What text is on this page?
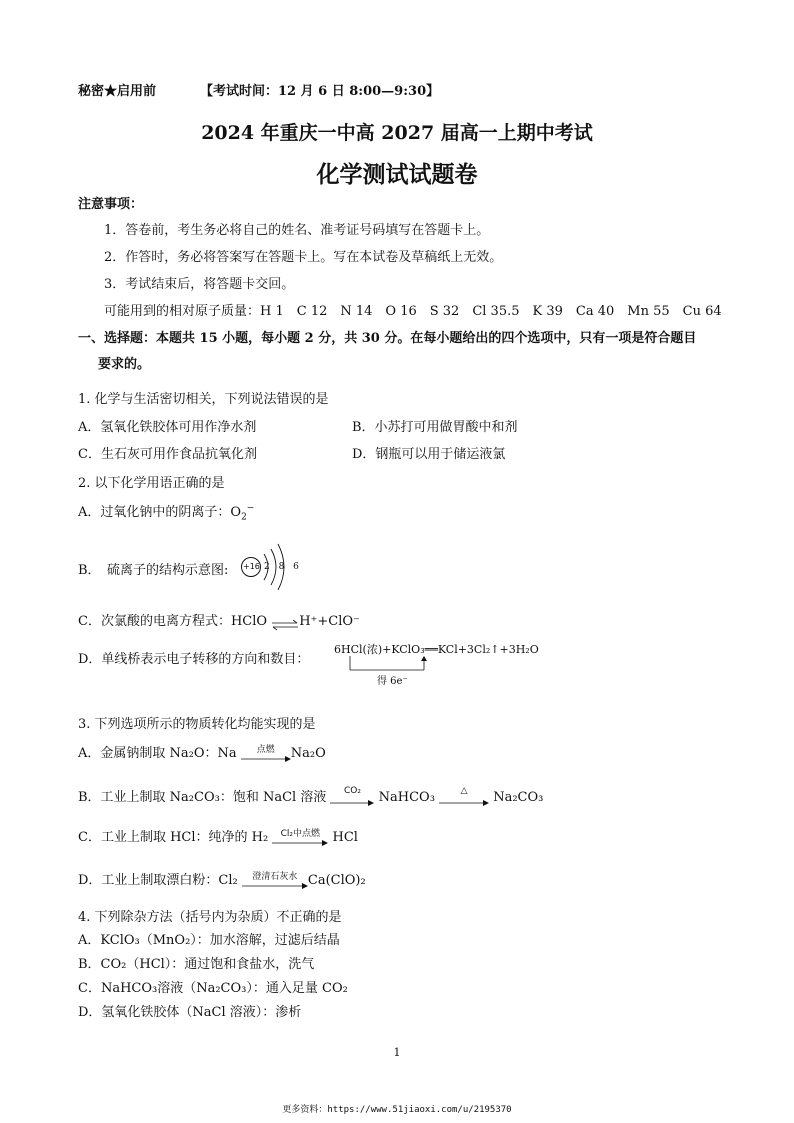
秘密★启用前	【考试时间：12 月 6 日 8:00—9:30】
2024 年重庆一中高 2027 届高一上期中考试
化学测试试题卷
注意事项：
1．答卷前，考生务必将自己的姓名、准考证号码填写在答题卡上。
2．作答时，务必将答案写在答题卡上。写在本试卷及草稿纸上无效。
3．考试结束后，将答题卡交回。
可能用到的相对原子质量：H 1　C 12　N 14　O 16　S 32　Cl 35.5　K 39　Ca 40　Mn 55　Cu 64
一、选择题：本题共 15 小题，每小题 2 分，共 30 分。在每小题给出的四个选项中，只有一项是符合题目
要求的。
1. 化学与生活密切相关，下列说法错误的是
A．氢氧化铁胶体可用作净水剂	B．小苏打可用做胃酸中和剂
C．生石灰可用作食品抗氧化剂	D．钢瓶可以用于储运液氯
2. 以下化学用语正确的是
A．过氧化钠中的阴离子：$O_2^-$
B．　硫离子的结构示意图: +16 2 8 6
C．次氯酸的电离方程式：HClO ⇌H⁺+ClO⁻
D．单线桥表示电子转移的方向和数目：
6HCl(浓)+KClO₃══KCl+3Cl₂↑+3H₂O
得 6e⁻
3. 下列选项所示的物质转化均能实现的是
A．金属钠制取 Na₂O：Na	点燃	Na₂O
B．工业上制取 Na₂CO₃：饱和 NaCl 溶液	CO₂	NaHCO₃	△	Na₂CO₃
C．工业上制取 HCl：纯净的 H₂	Cl₂中点燃 HCl
D．工业上制取漂白粉：Cl₂	澄清石灰水 Ca(ClO)₂
4. 下列除杂方法（括号内为杂质）不正确的是
A．KClO₃（MnO₂）：加水溶解，过滤后结晶
B．CO₂（HCl）：通过饱和食盐水，洗气
C．NaHCO₃溶液（Na₂CO₃）：通入足量 CO₂
D．氢氧化铁胶体（NaCl 溶液）：渗析
1
更多资料：https://www.51jiaoxi.com/u/2195370
